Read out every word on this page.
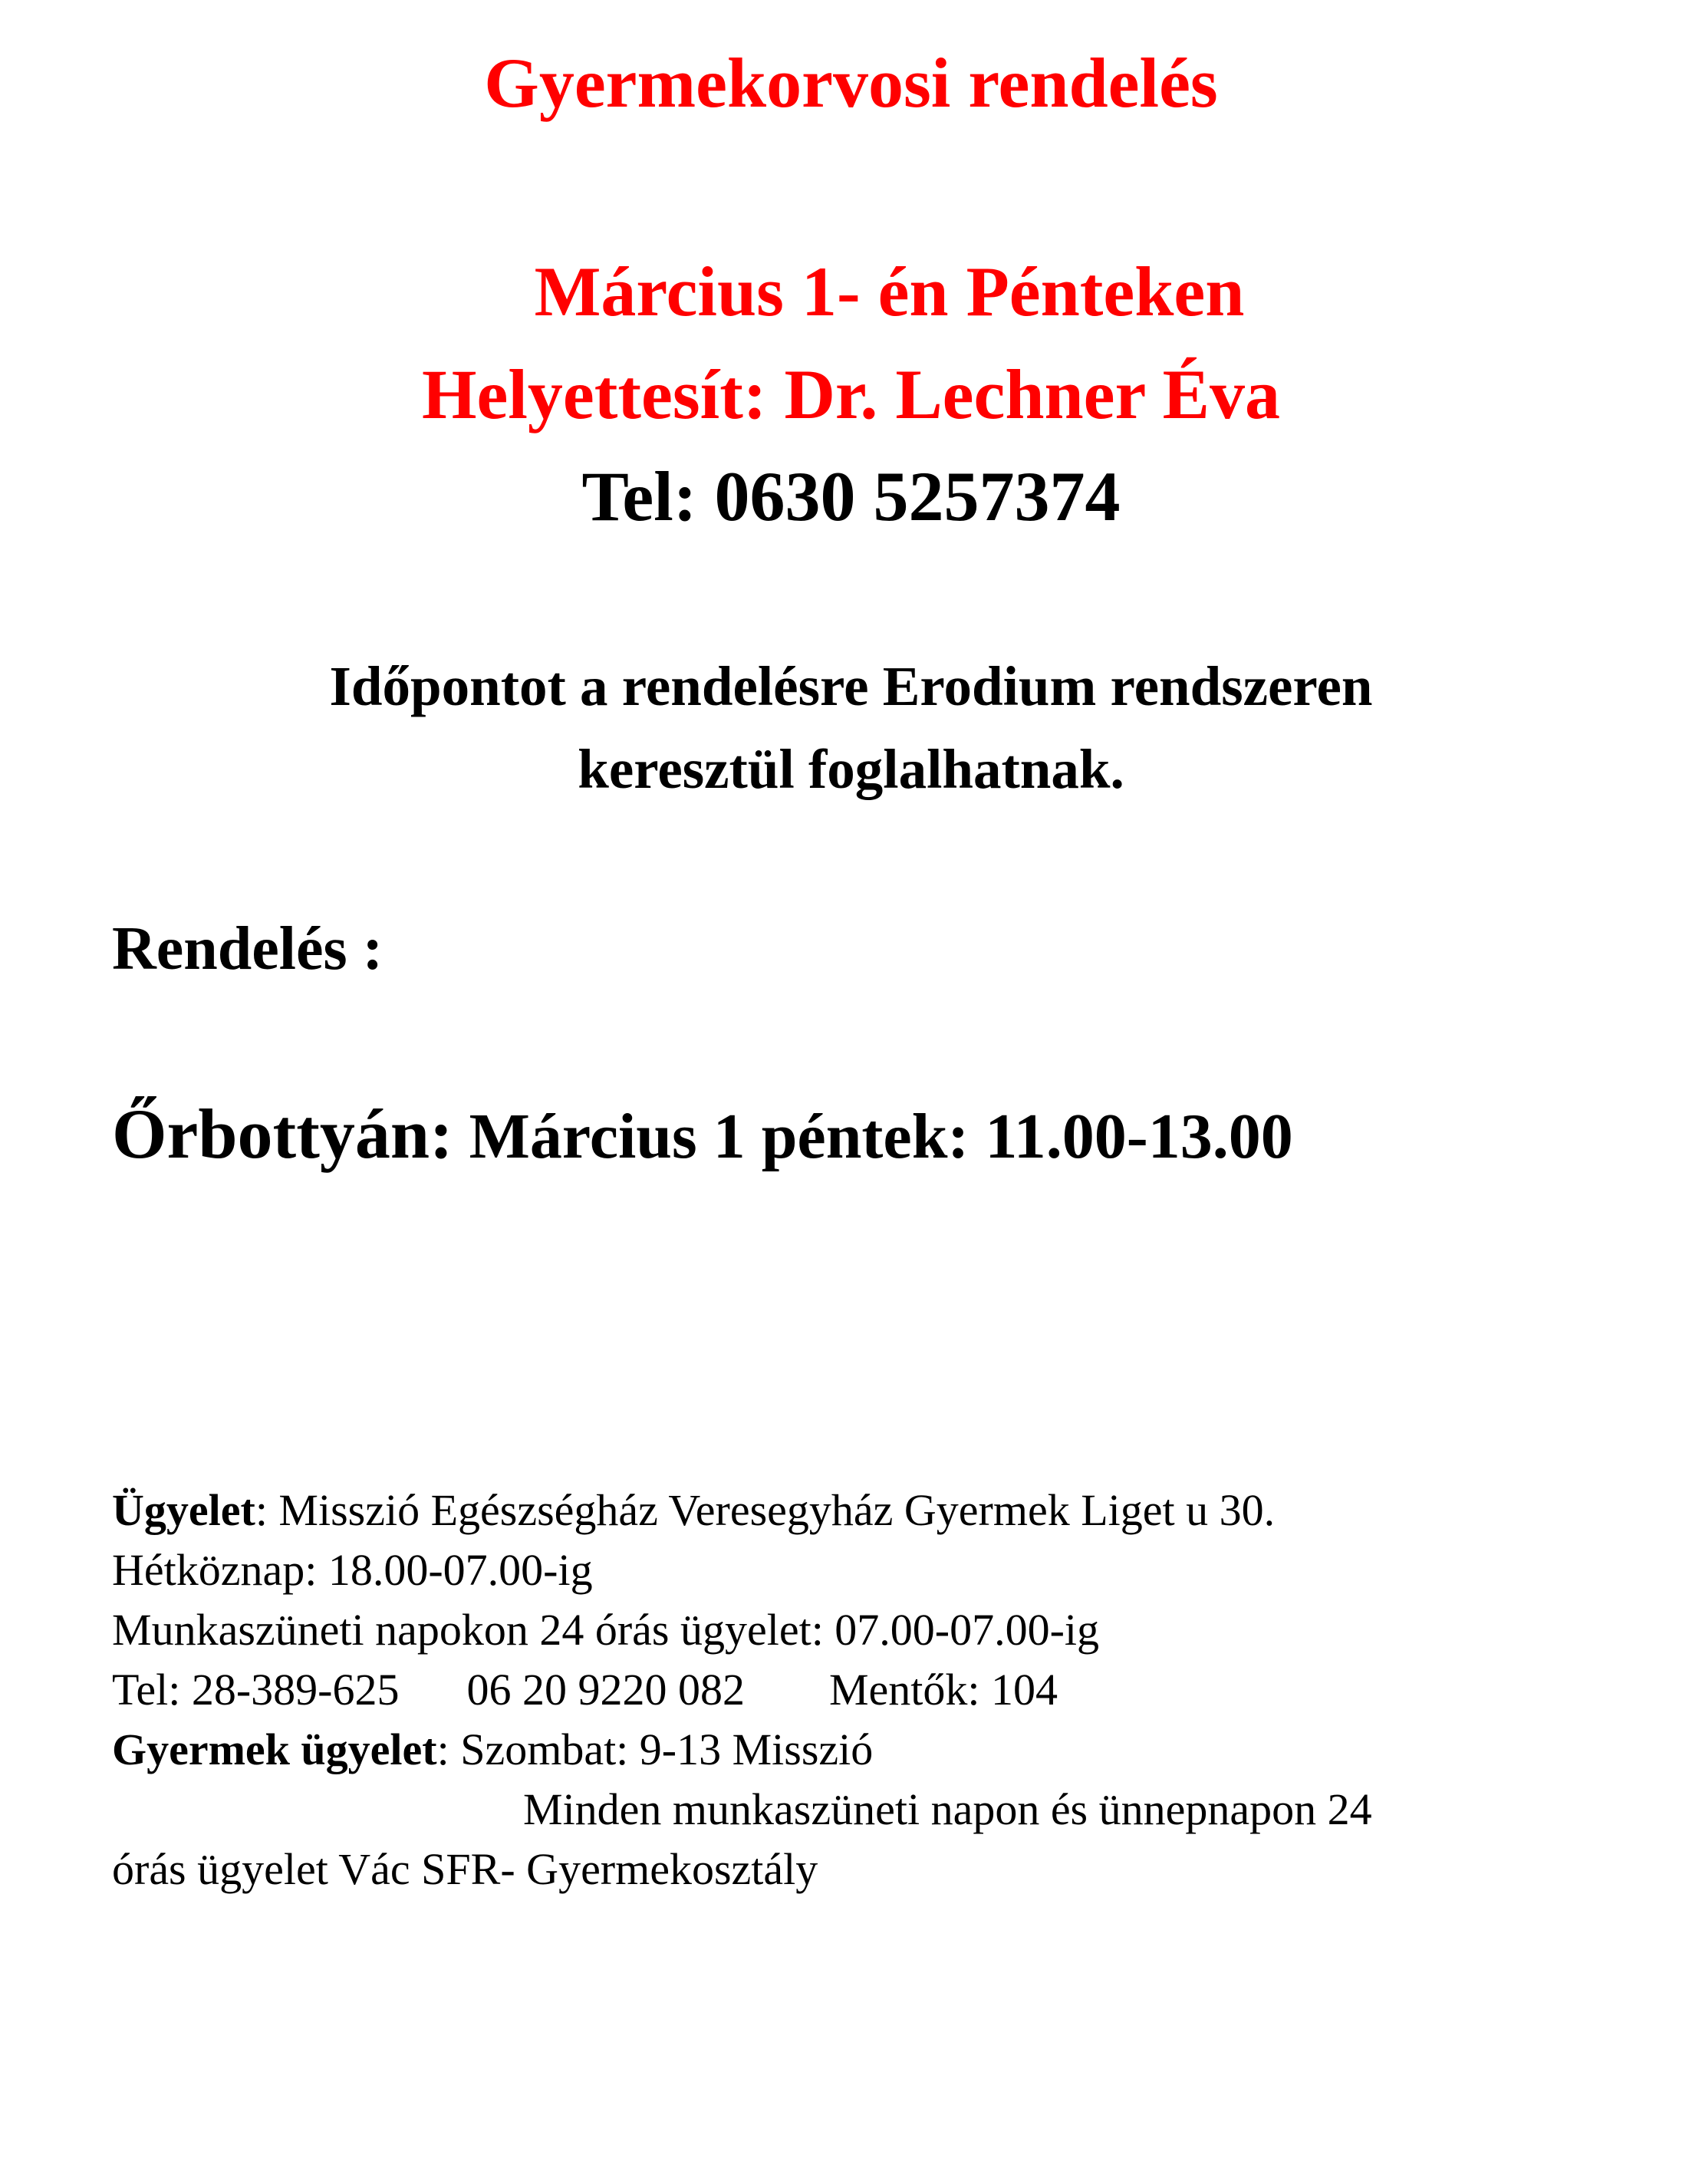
Gyermekorvosi rendelés
Március 1- én Pénteken
Helyettesít: Dr. Lechner Éva
Tel: 0630 5257374
Időpontot a rendelésre Erodium rendszeren
keresztül foglalhatnak.
Rendelés :
Őrbottyán: Március 1 péntek: 11.00-13.00
Ügyelet: Misszió Egészségház Veresegyház Gyermek Liget u 30.
Hétköznap: 18.00-07.00-ig
Munkaszüneti napokon 24 órás ügyelet: 07.00-07.00-ig
Tel: 28-389-625 06 20 9220 082 Mentők: 104
Gyermek ügyelet: Szombat: 9-13 Misszió
Minden munkaszüneti napon és ünnepnapon 24
órás ügyelet Vác SFR- Gyermekosztály
